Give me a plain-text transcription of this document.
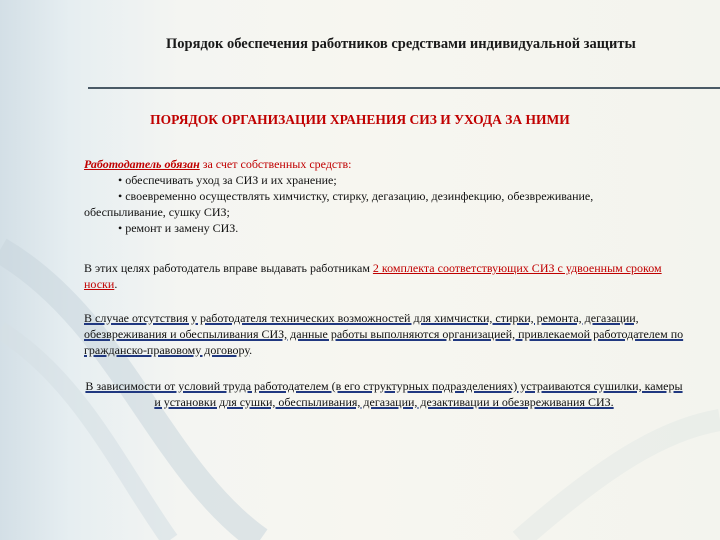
Порядок обеспечения работников средствами индивидуальной защиты
ПОРЯДОК ОРГАНИЗАЦИИ ХРАНЕНИЯ СИЗ И УХОДА ЗА НИМИ
Работодатель обязан за счет собственных средств:
• обеспечивать уход за СИЗ и их хранение;
• своевременно осуществлять химчистку, стирку, дегазацию, дезинфекцию, обезвреживание,
обеспыливание, сушку СИЗ;
• ремонт и замену СИЗ.
В этих целях работодатель вправе выдавать работникам 2 комплекта соответствующих СИЗ с удвоенным сроком носки.
В случае отсутствия у работодателя технических возможностей для химчистки, стирки, ремонта, дегазации, обезвреживания и обеспыливания СИЗ, данные работы выполняются организацией, привлекаемой работодателем по гражданско-правовому договору.
В зависимости от условий труда работодателем (в его структурных подразделениях) устраиваются сушилки, камеры и установки для сушки, обеспыливания, дегазации, дезактивации и обезвреживания СИЗ.
